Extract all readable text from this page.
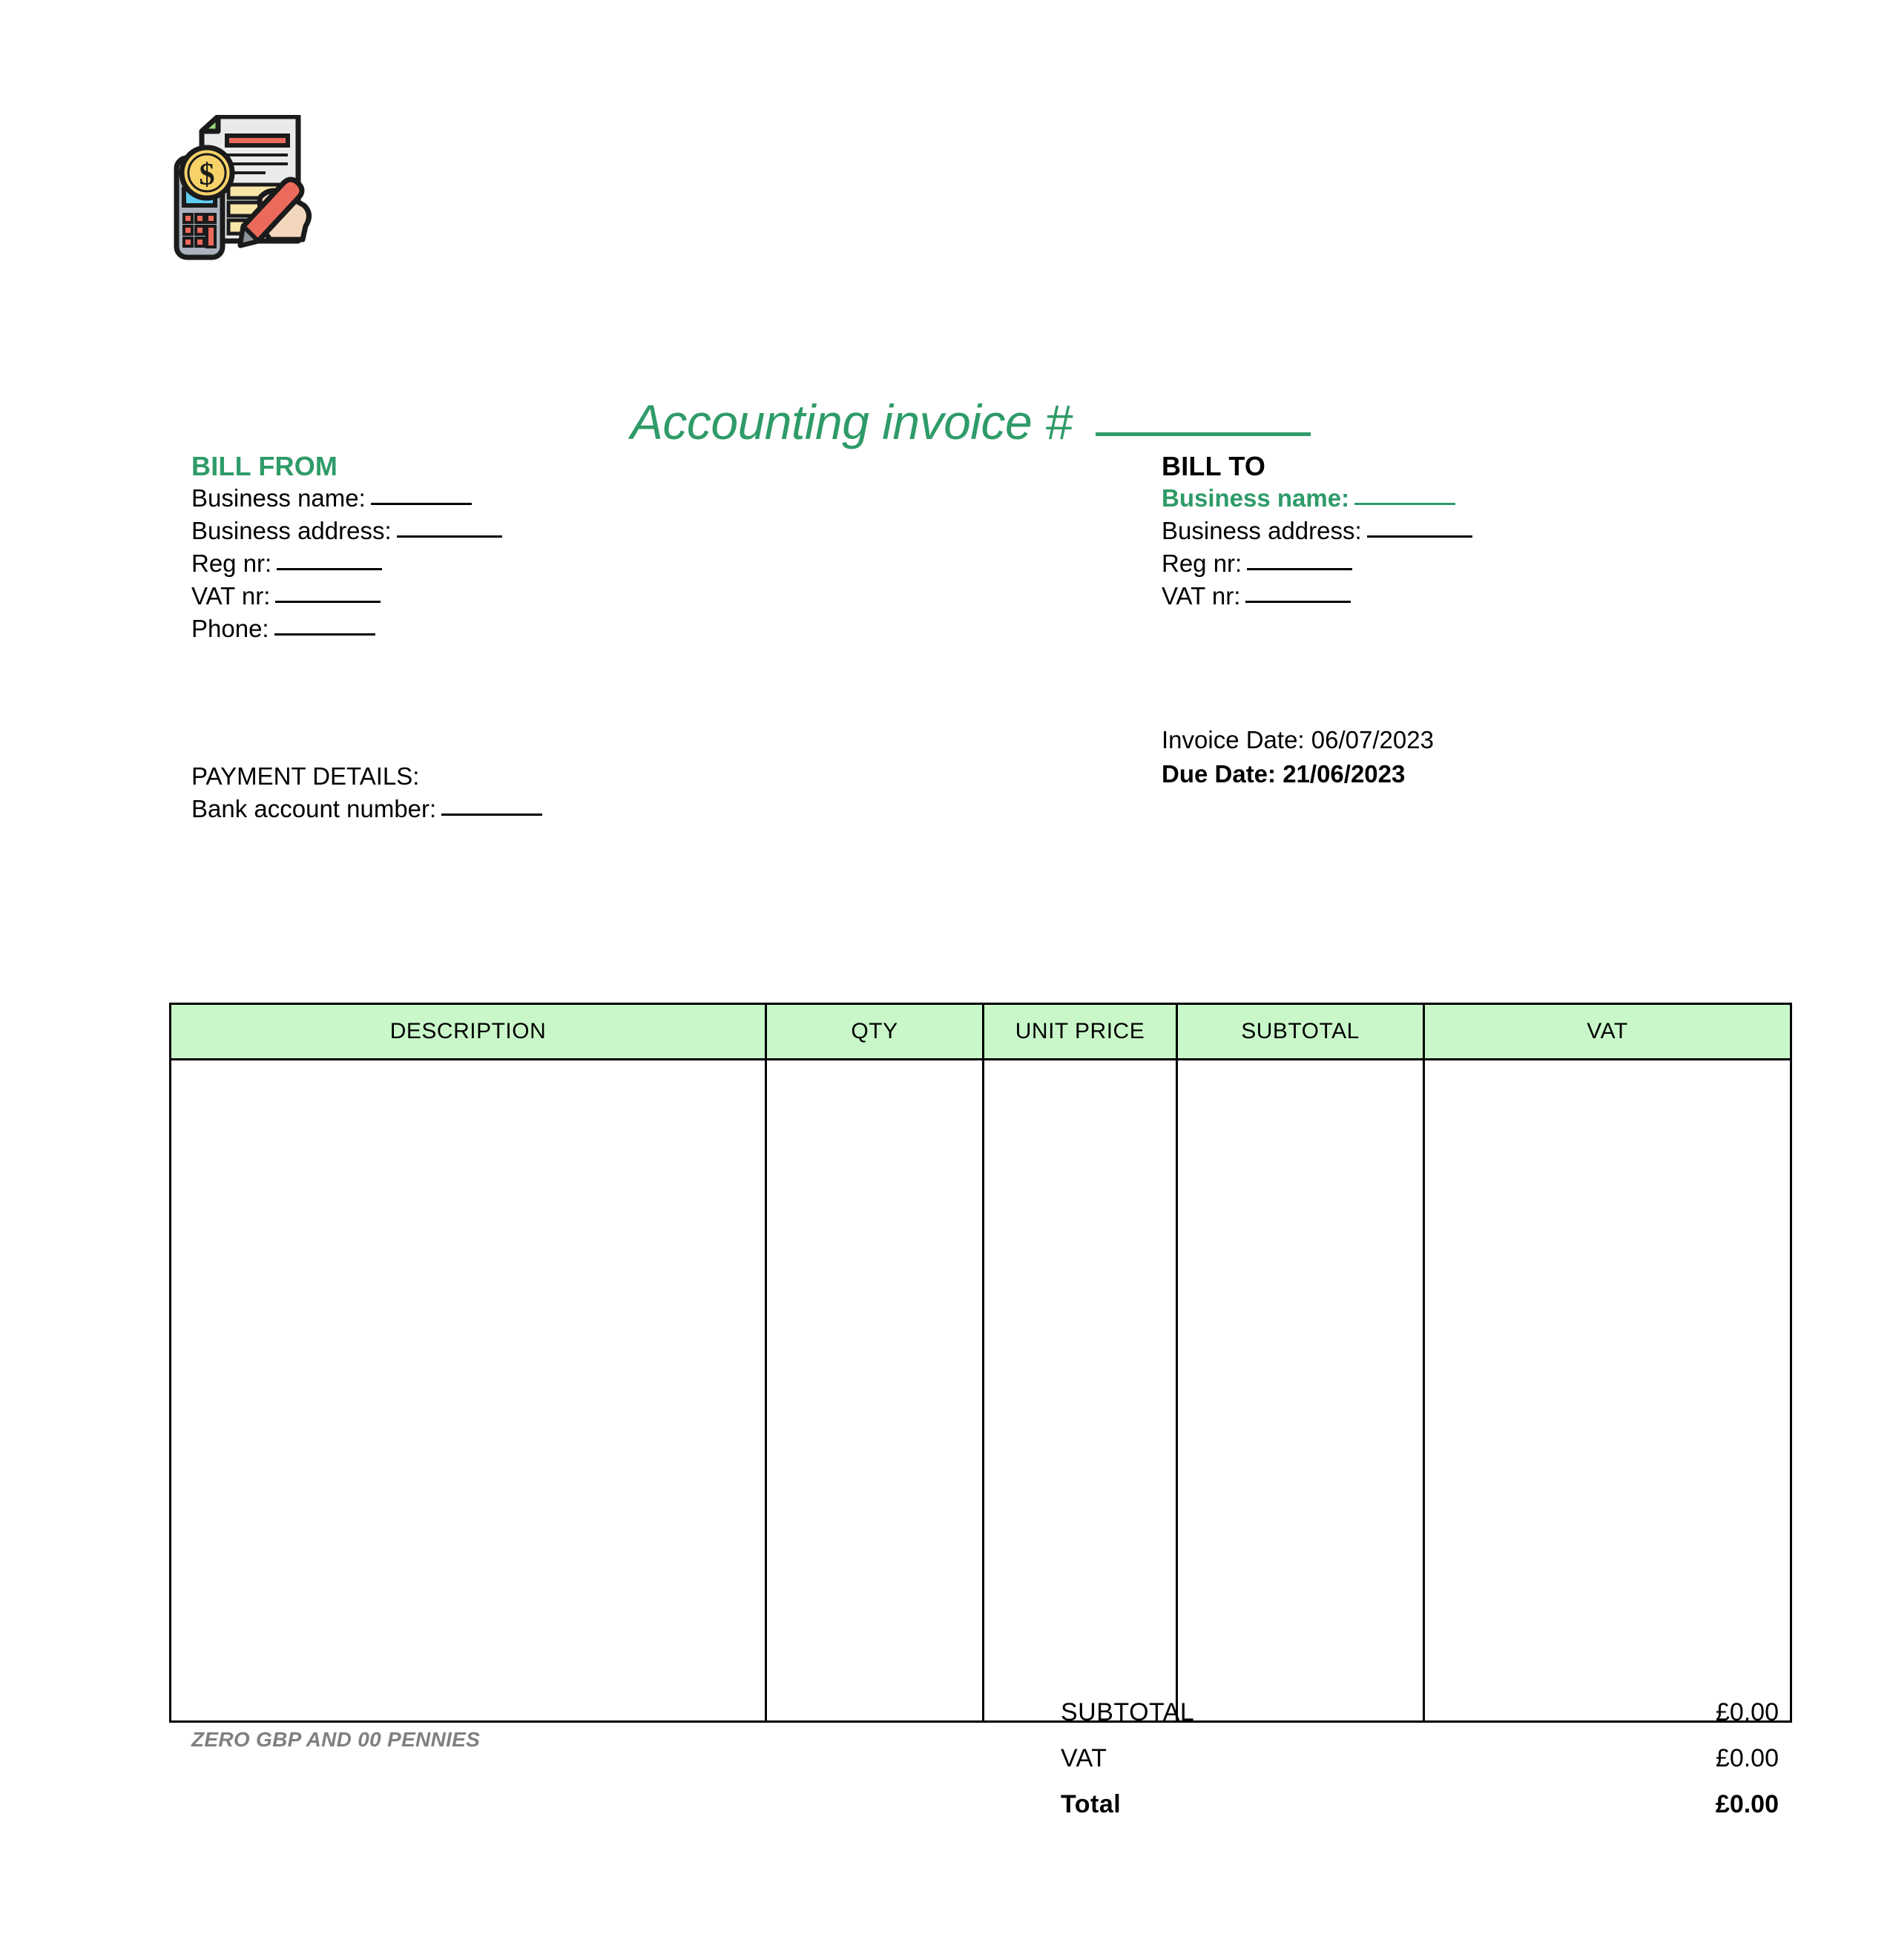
$

Accounting invoice #

BILL FROM
Business name:
Business address:
Reg nr:
VAT nr:
Phone:
BILL TO
Business name:
Business address:
Reg nr:
VAT nr:
Invoice Date: 06/07/2023
Due Date: 21/06/2023
PAYMENT DETAILS:
Bank account number:
DESCRIPTION	QTY	UNIT PRICE	SUBTOTAL	VAT

SUBTOTAL	£0.00
VAT	£0.00
Total	£0.00
ZERO GBP AND 00 PENNIES
